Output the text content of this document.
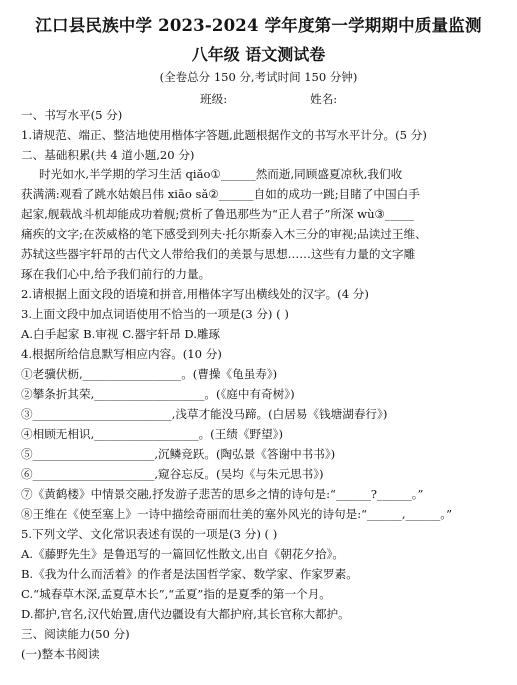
江口县民族中学 2023-2024 学年度第一学期期中质量监测
八年级 语文测试卷
(全卷总分 150 分,考试时间 150 分钟)
班级:	姓名:
一、书写水平(5 分)
1.请规范、端正、整洁地使用楷体字答题,此题根据作文的书写水平计分。(5 分)
二、基础积累(共 4 道小题,20 分)
时光如水,半学期的学习生活 qiǎo①______然而逝,同顾盛夏凉秋,我们收
获满满:观看了跳水姑娘吕伟 xiāo sǎ②______自如的成功一跳;目睹了中国白手
起家,舰载战斗机却能成功着舰;赏析了鲁迅那些为“正人君子”所深 wù③_____
痛疾的文字;在茨威格的笔下感受到列夫·托尔斯泰入木三分的审视;品读过王维、
苏轼这些器宇轩昂的古代文人带给我们的美景与思想……这些有力量的文字雕
琢在我们心中,给予我们前行的力量。
2.请根据上面文段的语境和拼音,用楷体字写出横线处的汉字。(4 分)
3.上面文段中加点词语使用不恰当的一项是(3 分) ( )
A.白手起家 B.审视 C.器宇轩昂 D.雕琢
4.根据所给信息默写相应内容。(10 分)
①老骥伏枥,_________________。(曹操《龟虽寿》)
②攀条折其荣,___________________。(《庭中有奇树》)
③________________________,浅草才能没马蹄。(白居易《钱塘湖春行》)
④相顾无相识,__________________。(王绩《野望》)
⑤_____________________,沉鳞竞跃。(陶弘景《答谢中书书》)
⑥_____________________,窥谷忘反。(吴均《与朱元思书》)
⑦《黄鹤楼》中情景交融,抒发游子悲苦的思乡之情的诗句是:“______?______。”
⑧王维在《使至塞上》一诗中描绘奇丽而壮美的塞外风光的诗句是:“______,______。”
5.下列文学、文化常识表述有误的一项是(3 分) ( )
A.《藤野先生》是鲁迅写的一篇回忆性散文,出自《朝花夕拾》。
B.《我为什么而活着》的作者是法国哲学家、数学家、作家罗素。
C.“城春草木深,孟夏草木长”,“孟夏”指的是夏季的第一个月。
D.都护,官名,汉代始置,唐代边疆设有大都护府,其长官称大都护。
三、阅读能力(50 分)
(一)整本书阅读
